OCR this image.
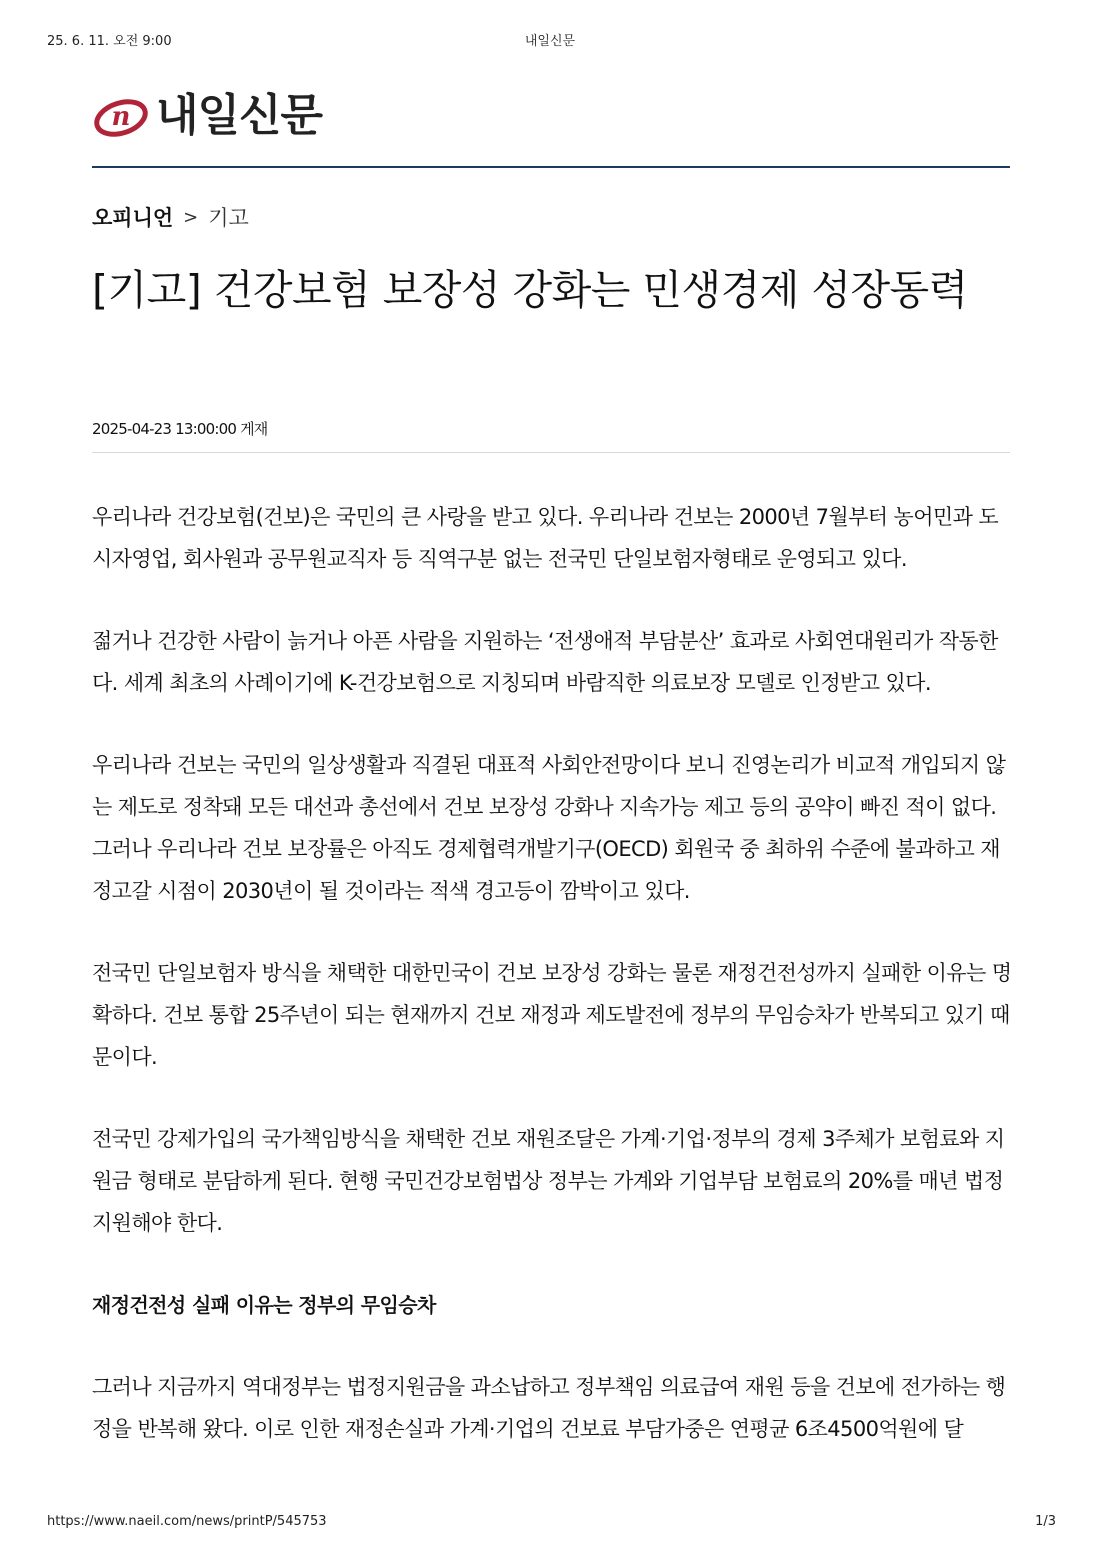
25. 6. 11. 오전 9:00	내일신문
n 내일신문
오피니언 > 기고
[기고] 건강보험 보장성 강화는 민생경제 성장동력
2025-04-23 13:00:00 게재

우리나라 건강보험(건보)은 국민의 큰 사랑을 받고 있다. 우리나라 건보는 2000년 7월부터 농어민과 도시자영업, 회사원과 공무원교직자 등 직역구분 없는 전국민 단일보험자형태로 운영되고 있다.

젊거나 건강한 사람이 늙거나 아픈 사람을 지원하는 ‘전생애적 부담분산’ 효과로 사회연대원리가 작동한다. 세계 최초의 사례이기에 K-건강보험으로 지칭되며 바람직한 의료보장 모델로 인정받고 있다.

우리나라 건보는 국민의 일상생활과 직결된 대표적 사회안전망이다 보니 진영논리가 비교적 개입되지 않는 제도로 정착돼 모든 대선과 총선에서 건보 보장성 강화나 지속가능 제고 등의 공약이 빠진 적이 없다. 그러나 우리나라 건보 보장률은 아직도 경제협력개발기구(OECD) 회원국 중 최하위 수준에 불과하고 재정고갈 시점이 2030년이 될 것이라는 적색 경고등이 깜박이고 있다.

전국민 단일보험자 방식을 채택한 대한민국이 건보 보장성 강화는 물론 재정건전성까지 실패한 이유는 명확하다. 건보 통합 25주년이 되는 현재까지 건보 재정과 제도발전에 정부의 무임승차가 반복되고 있기 때문이다.

전국민 강제가입의 국가책임방식을 채택한 건보 재원조달은 가계·기업·정부의 경제 3주체가 보험료와 지원금 형태로 분담하게 된다. 현행 국민건강보험법상 정부는 가계와 기업부담 보험료의 20%를 매년 법정 지원해야 한다.

재정건전성 실패 이유는 정부의 무임승차

그러나 지금까지 역대정부는 법정지원금을 과소납하고 정부책임 의료급여 재원 등을 건보에 전가하는 행정을 반복해 왔다. 이로 인한 재정손실과 가계·기업의 건보료 부담가중은 연평균 6조4500억원에 달

https://www.naeil.com/news/printP/545753	1/3
